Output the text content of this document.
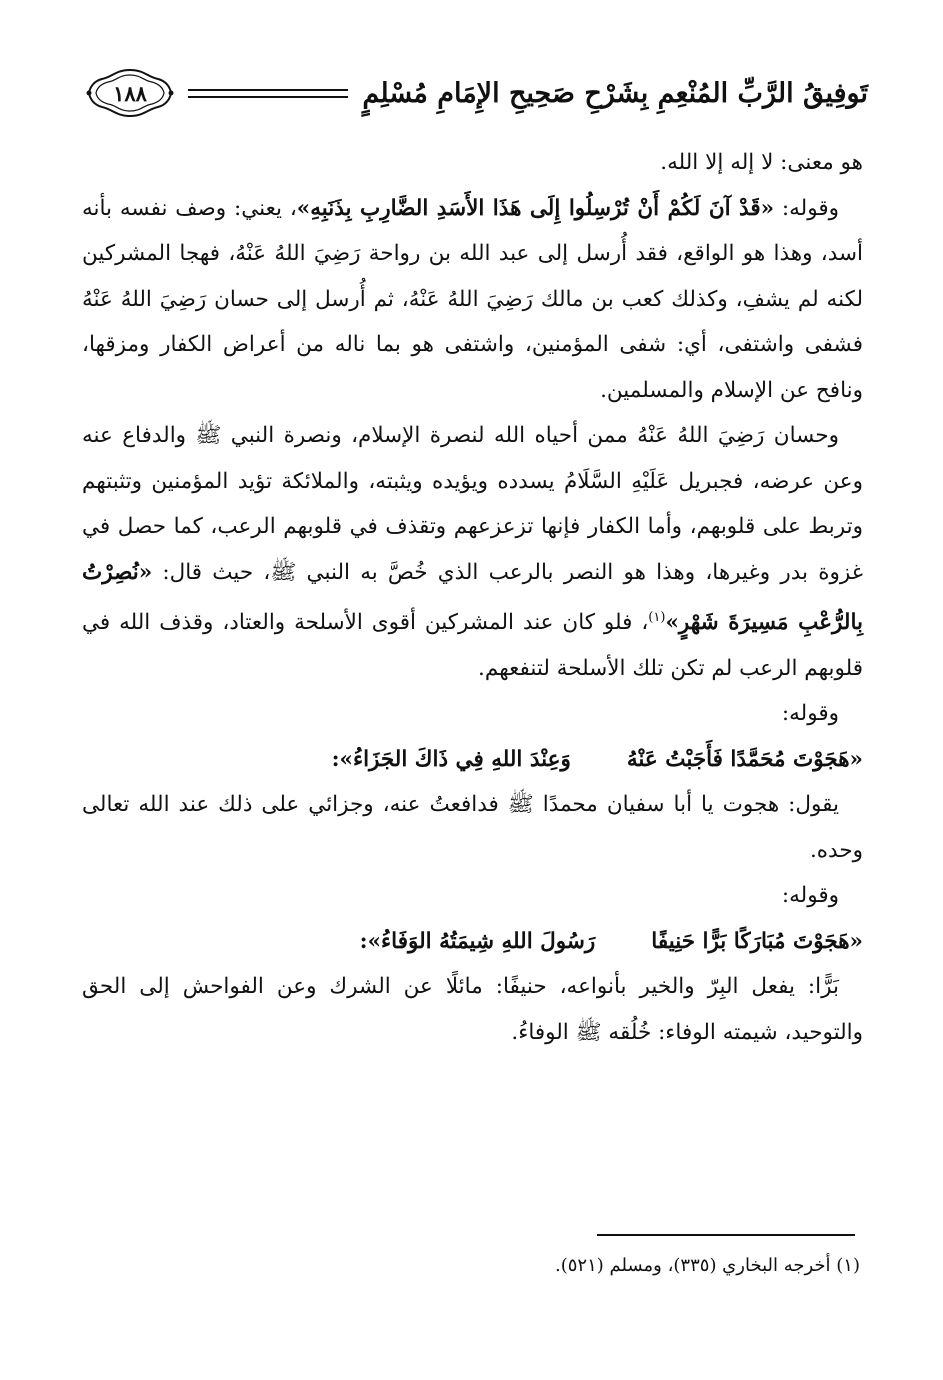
١٨٨	تَوفِيقُ الرَّبِّ المُنْعِمِ بِشَرْحِ صَحِيحِ الإِمَامِ مُسْلِمٍ

هو معنى: لا إله إلا الله.

وقوله: «قَدْ آنَ لَكُمْ أَنْ تُرْسِلُوا إِلَى هَذَا الأَسَدِ الضَّارِبِ بِذَنَبِهِ»، يعني: وصف نفسه بأنه أسد، وهذا هو الواقع، فقد أُرسل إلى عبد الله بن رواحة رَضِيَ اللهُ عَنْهُ، فهجا المشركين لكنه لم يشفِ، وكذلك كعب بن مالك رَضِيَ اللهُ عَنْهُ، ثم أُرسل إلى حسان رَضِيَ اللهُ عَنْهُ فشفى واشتفى، أي: شفى المؤمنين، واشتفى هو بما ناله من أعراض الكفار ومزقها، ونافح عن الإسلام والمسلمين.

وحسان رَضِيَ اللهُ عَنْهُ ممن أحياه الله لنصرة الإسلام، ونصرة النبي ﷺ والدفاع عنه وعن عرضه، فجبريل عَلَيْهِ السَّلَامُ يسدده ويؤيده ويثبته، والملائكة تؤيد المؤمنين وتثبتهم وتربط على قلوبهم، وأما الكفار فإنها تزعزعهم وتقذف في قلوبهم الرعب، كما حصل في غزوة بدر وغيرها، وهذا هو النصر بالرعب الذي خُصَّ به النبي ﷺ، حيث قال: «نُصِرْتُ بِالرُّعْبِ مَسِيرَةَ شَهْرٍ»$^{(١)}$، فلو كان عند المشركين أقوى الأسلحة والعتاد، وقذف الله في قلوبهم الرعب لم تكن تلك الأسلحة لتنفعهم.

وقوله:

«هَجَوْتَ مُحَمَّدًا فَأَجَبْتُ عَنْهُ
وَعِنْدَ اللهِ فِي ذَاكَ الجَزَاءُ»:

يقول: هجوت يا أبا سفيان محمدًا ﷺ فدافعتُ عنه، وجزائي على ذلك عند الله تعالى وحده.

وقوله:

«هَجَوْتَ مُبَارَكًا بَرًّا حَنِيفًا
رَسُولَ اللهِ شِيمَتُهُ الوَفَاءُ»:

بَرًّا: يفعل البِرّ والخير بأنواعه، حنيفًا: مائلًا عن الشرك وعن الفواحش إلى الحق والتوحيد، شيمته الوفاء: خُلُقه ﷺ الوفاءُ.

(١) أخرجه البخاري (٣٣٥)، ومسلم (٥٢١).
